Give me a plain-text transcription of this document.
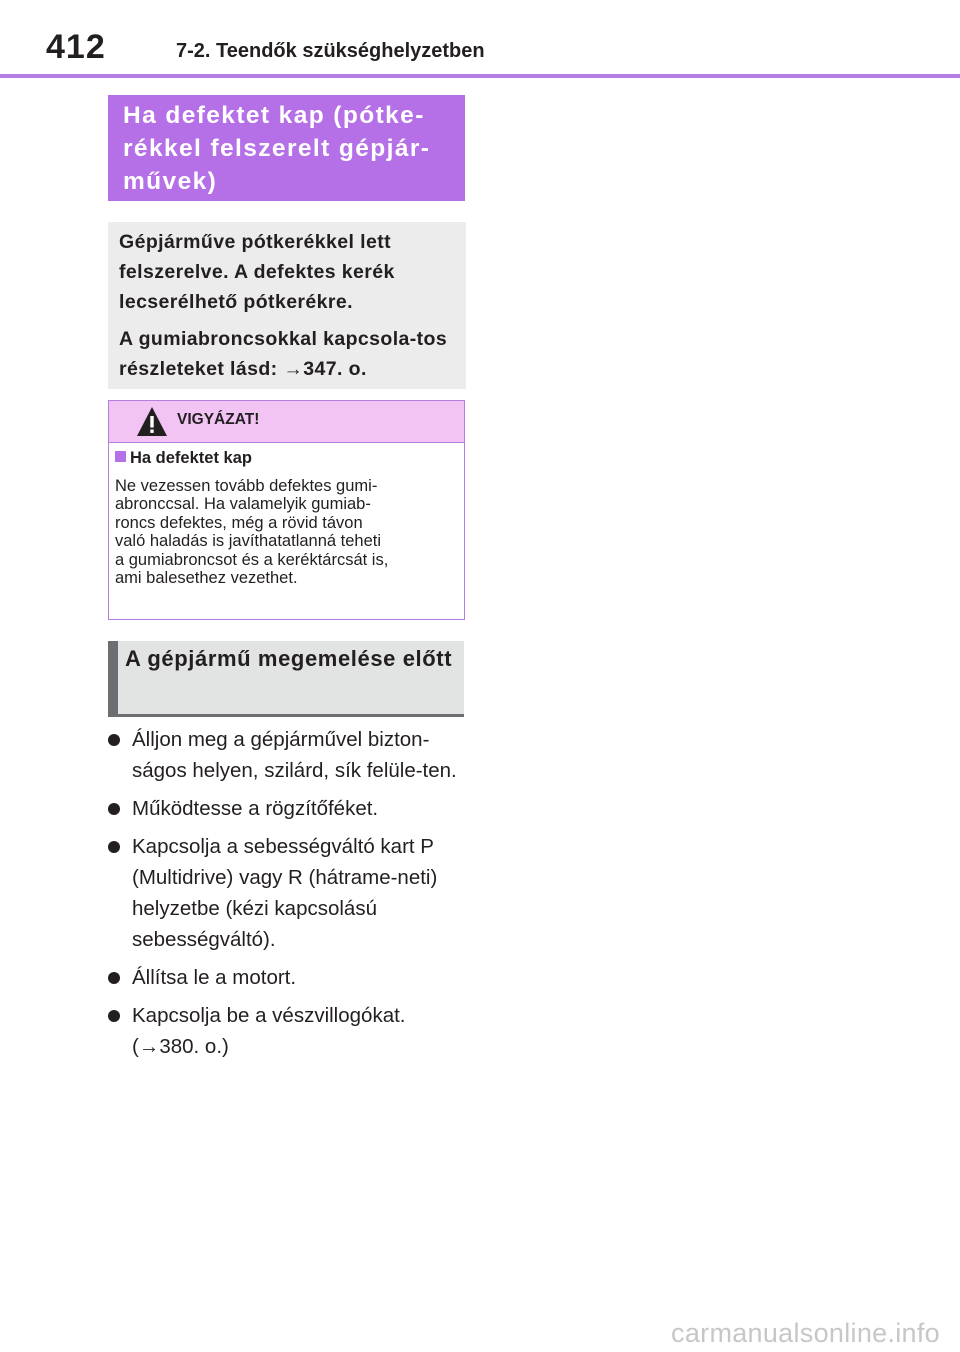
412	7-2. Teendők szükséghelyzetben
Ha defektet kap (pótke-
rékkel felszerelt gépjár-
művek)

Gépjárműve pótkerékkel lett felszerelve. A defektes kerék lecserélhető pótkerékre.

A gumiabroncsokkal kapcsola-tos részleteket lásd: →347. o.

VIGYÁZAT!
Ha defektet kap
Ne vezessen tovább defektes gumi-
abronccsal. Ha valamelyik gumiab-
roncs defektes, még a rövid távon
való haladás is javíthatatlanná teheti
a gumiabroncsot és a keréktárcsát is,
ami balesethez vezethet.
A gépjármű megemelése előtt
Álljon meg a gépjárművel bizton-ságos helyen, szilárd, sík felüle-ten.
Működtesse a rögzítőféket.
Kapcsolja a sebességváltó kart P (Multidrive) vagy R (hátrame-neti) helyzetbe (kézi kapcsolású sebességváltó).
Állítsa le a motort.
Kapcsolja be a vészvillogókat. (→380. o.)
carmanualsonline.info
